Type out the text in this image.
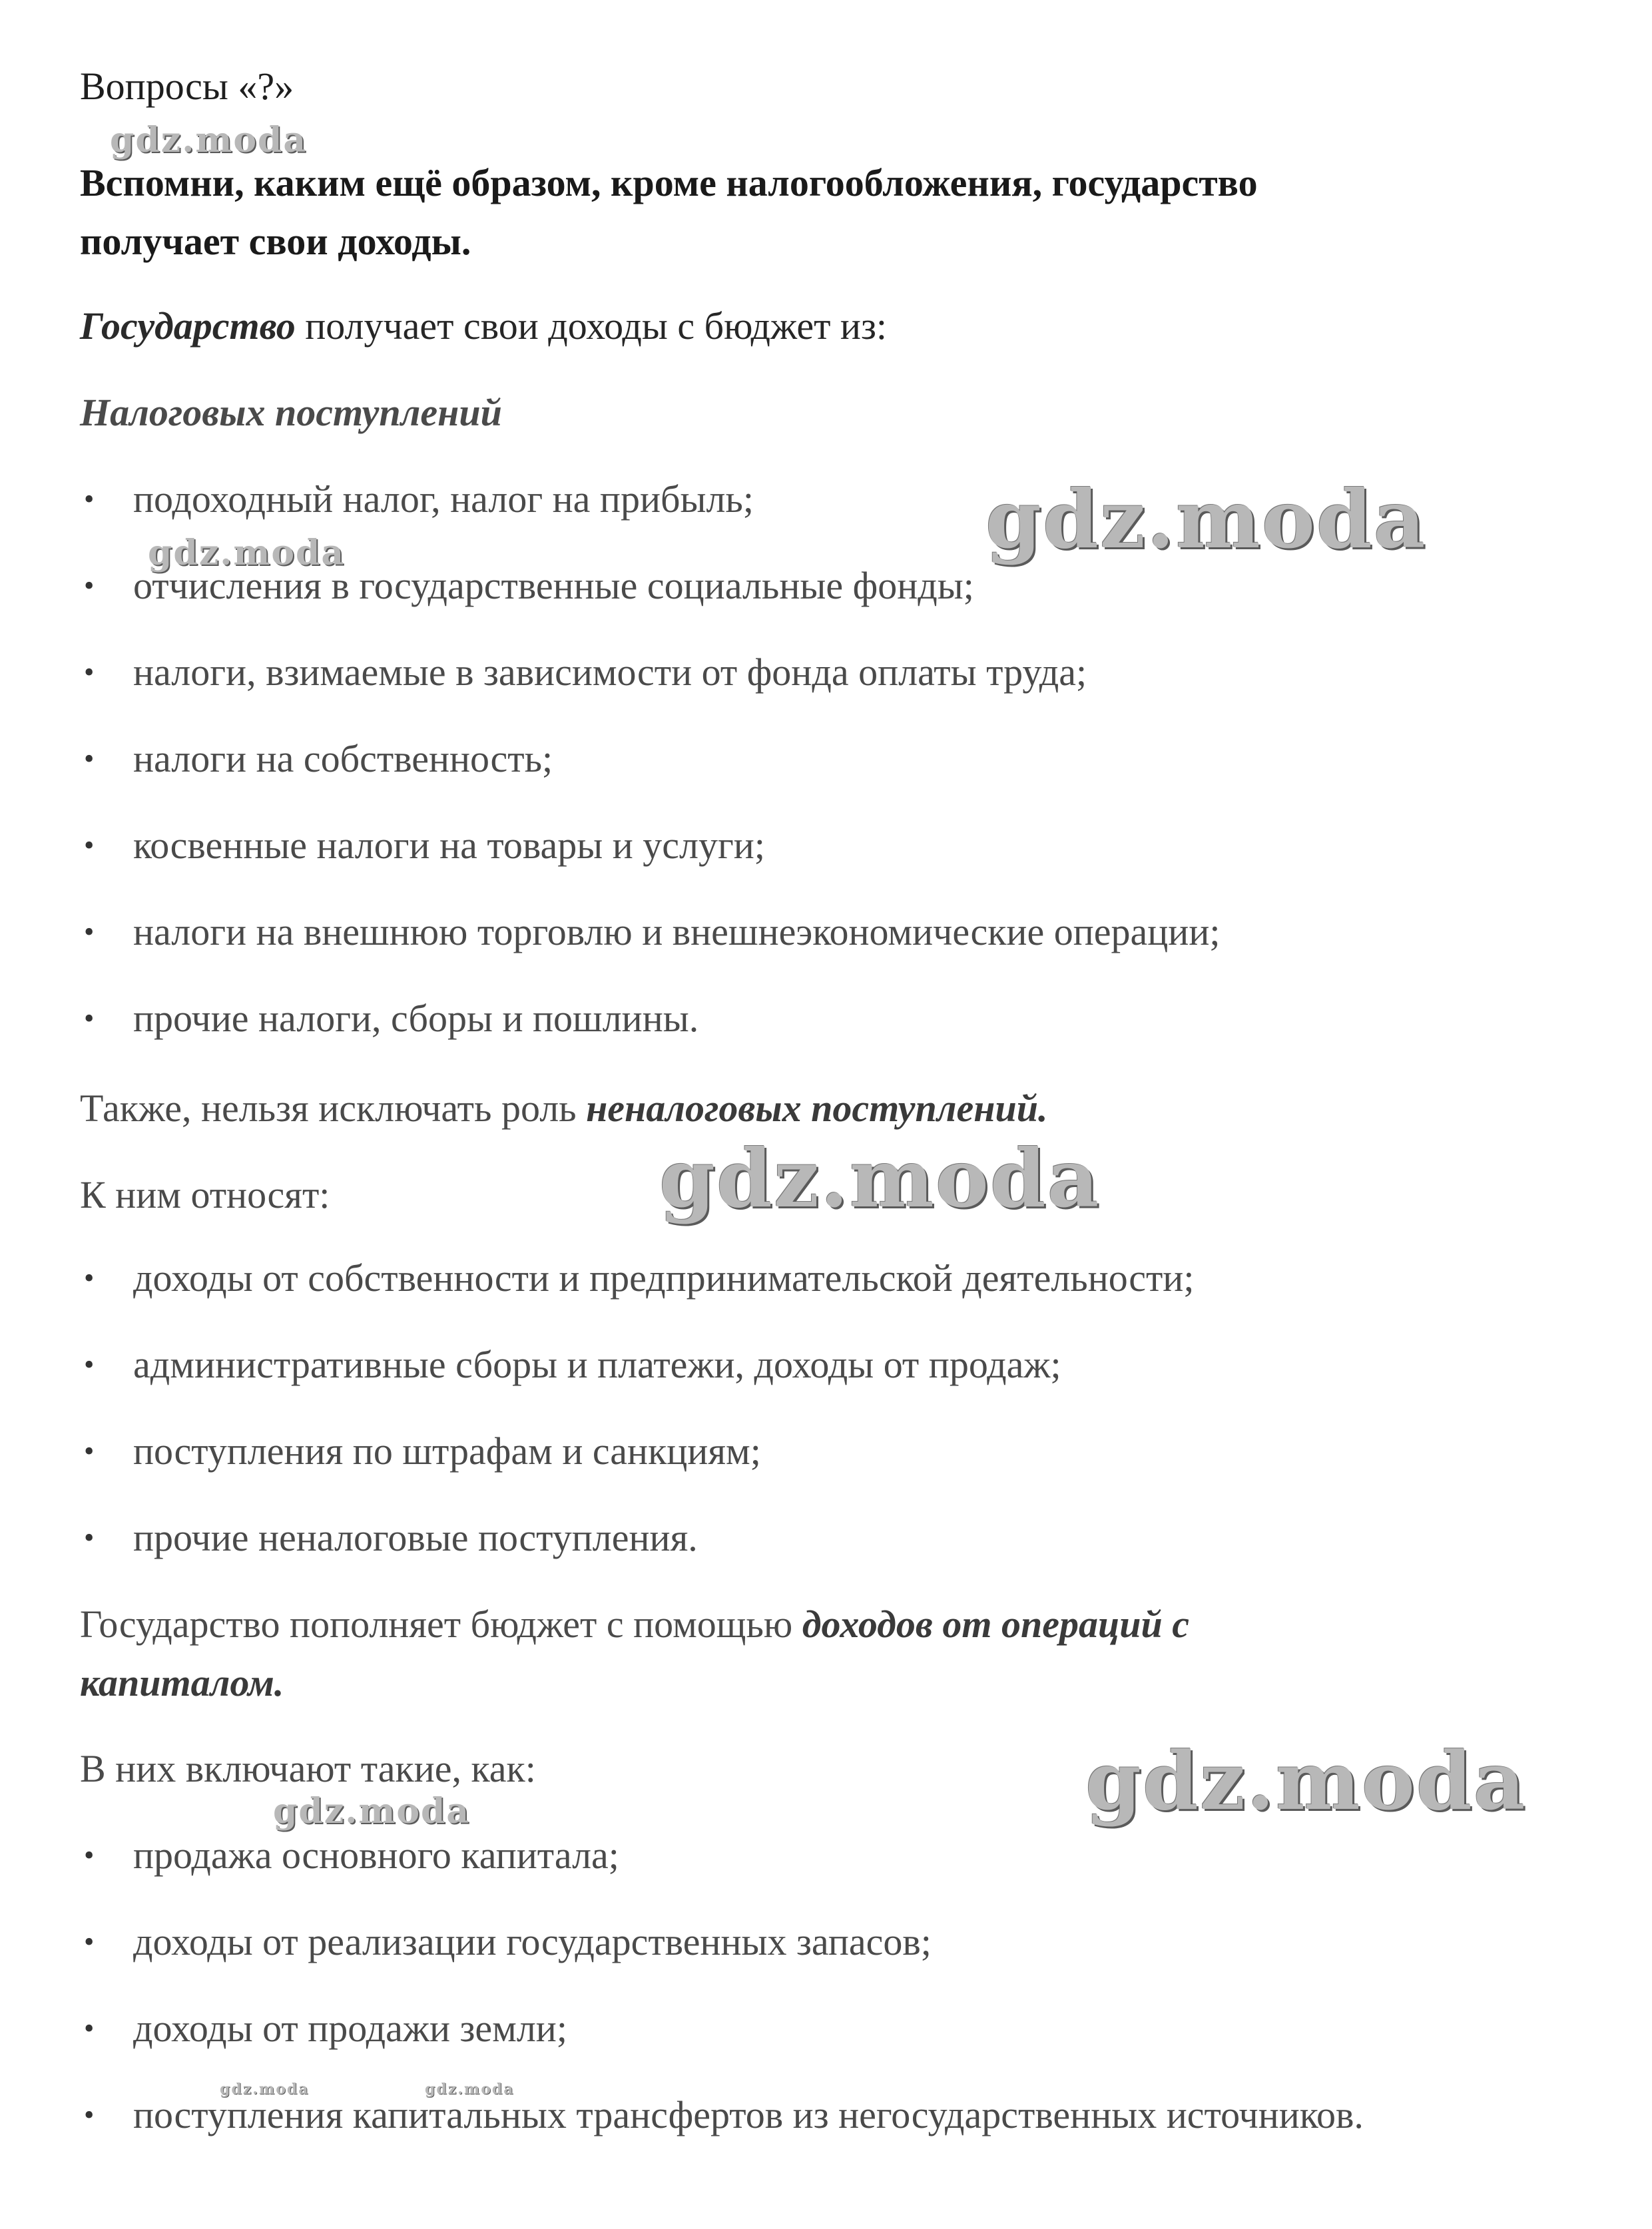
Вопросы «?»
Вспомни, каким ещё образом, кроме налогообложения, государство
получает свои доходы.
Государство получает свои доходы с бюджет из:
Налоговых поступлений
• подоходный налог, налог на прибыль;
• отчисления в государственные социальные фонды;
• налоги, взимаемые в зависимости от фонда оплаты труда;
• налоги на собственность;
• косвенные налоги на товары и услуги;
• налоги на внешнюю торговлю и внешнеэкономические операции;
• прочие налоги, сборы и пошлины.
Также, нельзя исключать роль неналоговых поступлений.
К ним относят:
• доходы от собственности и предпринимательской деятельности;
• административные сборы и платежи, доходы от продаж;
• поступления по штрафам и санкциям;
• прочие неналоговые поступления.
Государство пополняет бюджет с помощью доходов от операций с
капиталом.
В них включают такие, как:
• продажа основного капитала;
• доходы от реализации государственных запасов;
• доходы от продажи земли;
• поступления капитальных трансфертов из негосударственных источников.
gdz.moda
gdz.moda
gdz.moda
gdz.moda
gdz.moda
gdz.moda
gdz.moda	gdz.moda
